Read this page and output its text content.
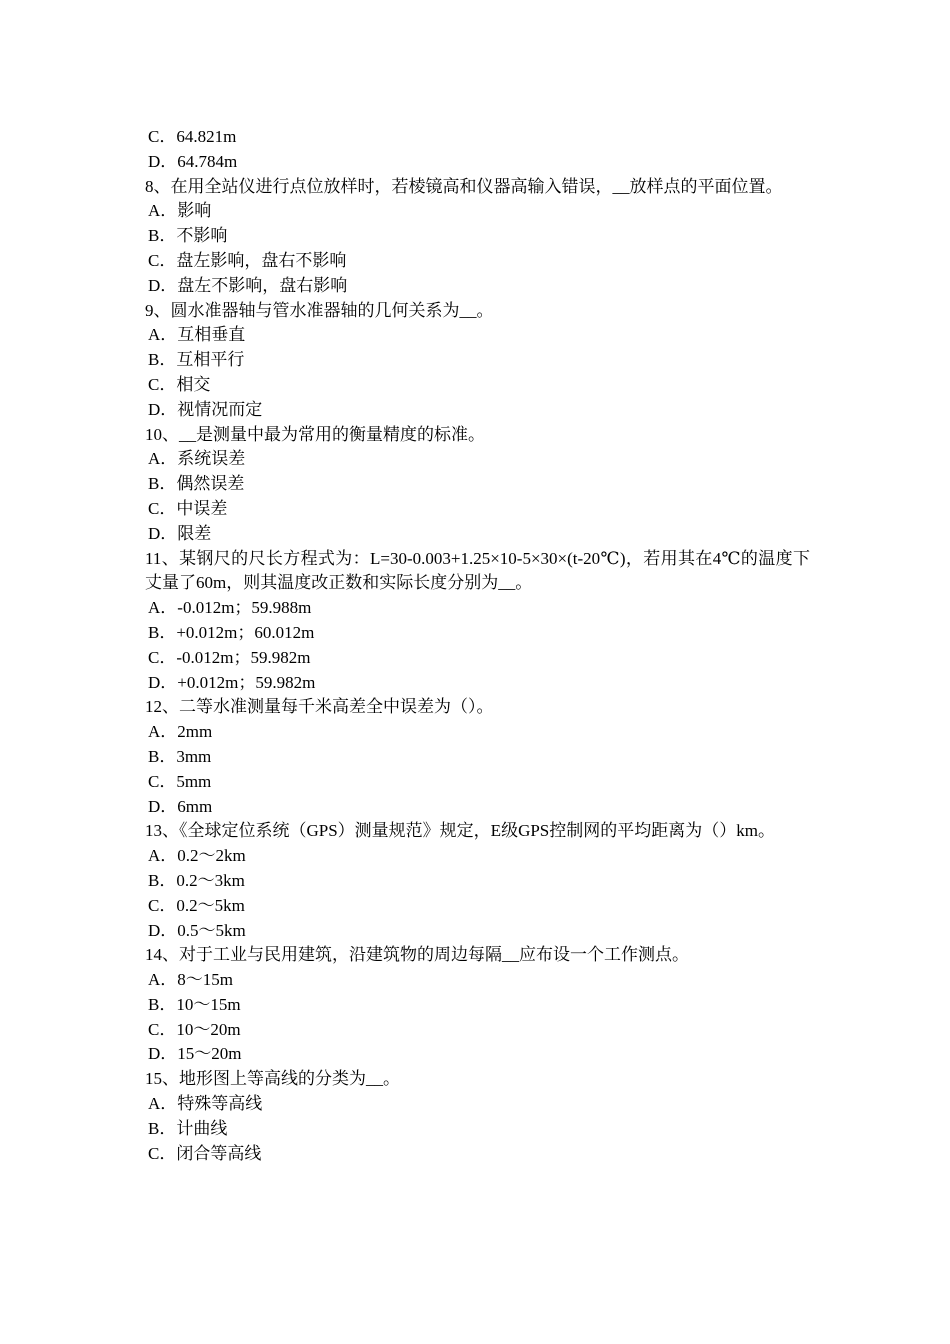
C．64.821m

D．64.784m

8、在用全站仪进行点位放样时，若棱镜高和仪器高输入错误，__放样点的平面位置。

A．影响

B．不影响

C．盘左影响，盘右不影响

D．盘左不影响，盘右影响

9、圆水准器轴与管水准器轴的几何关系为__。

A．互相垂直

B．互相平行

C．相交

D．视情况而定

10、__是测量中最为常用的衡量精度的标准。

A．系统误差

B．偶然误差

C．中误差

D．限差

11、某钢尺的尺长方程式为：L=30-0.003+1.25×10-5×30×(t-20℃)，若用其在4℃的温度下丈量了60m，则其温度改正数和实际长度分别为__。

A．-0.012m；59.988m

B．+0.012m；60.012m

C．-0.012m；59.982m

D．+0.012m；59.982m

12、二等水准测量每千米高差全中误差为（）。

A．2mm

B．3mm

C．5mm

D．6mm

13、《全球定位系统（GPS）测量规范》规定，E级GPS控制网的平均距离为（）km。

A．0.2～2km

B．0.2～3km

C．0.2～5km

D．0.5～5km

14、对于工业与民用建筑，沿建筑物的周边每隔__应布设一个工作测点。

A．8～15m

B．10～15m

C．10～20m

D．15～20m

15、地形图上等高线的分类为__。

A．特殊等高线

B．计曲线

C．闭合等高线
